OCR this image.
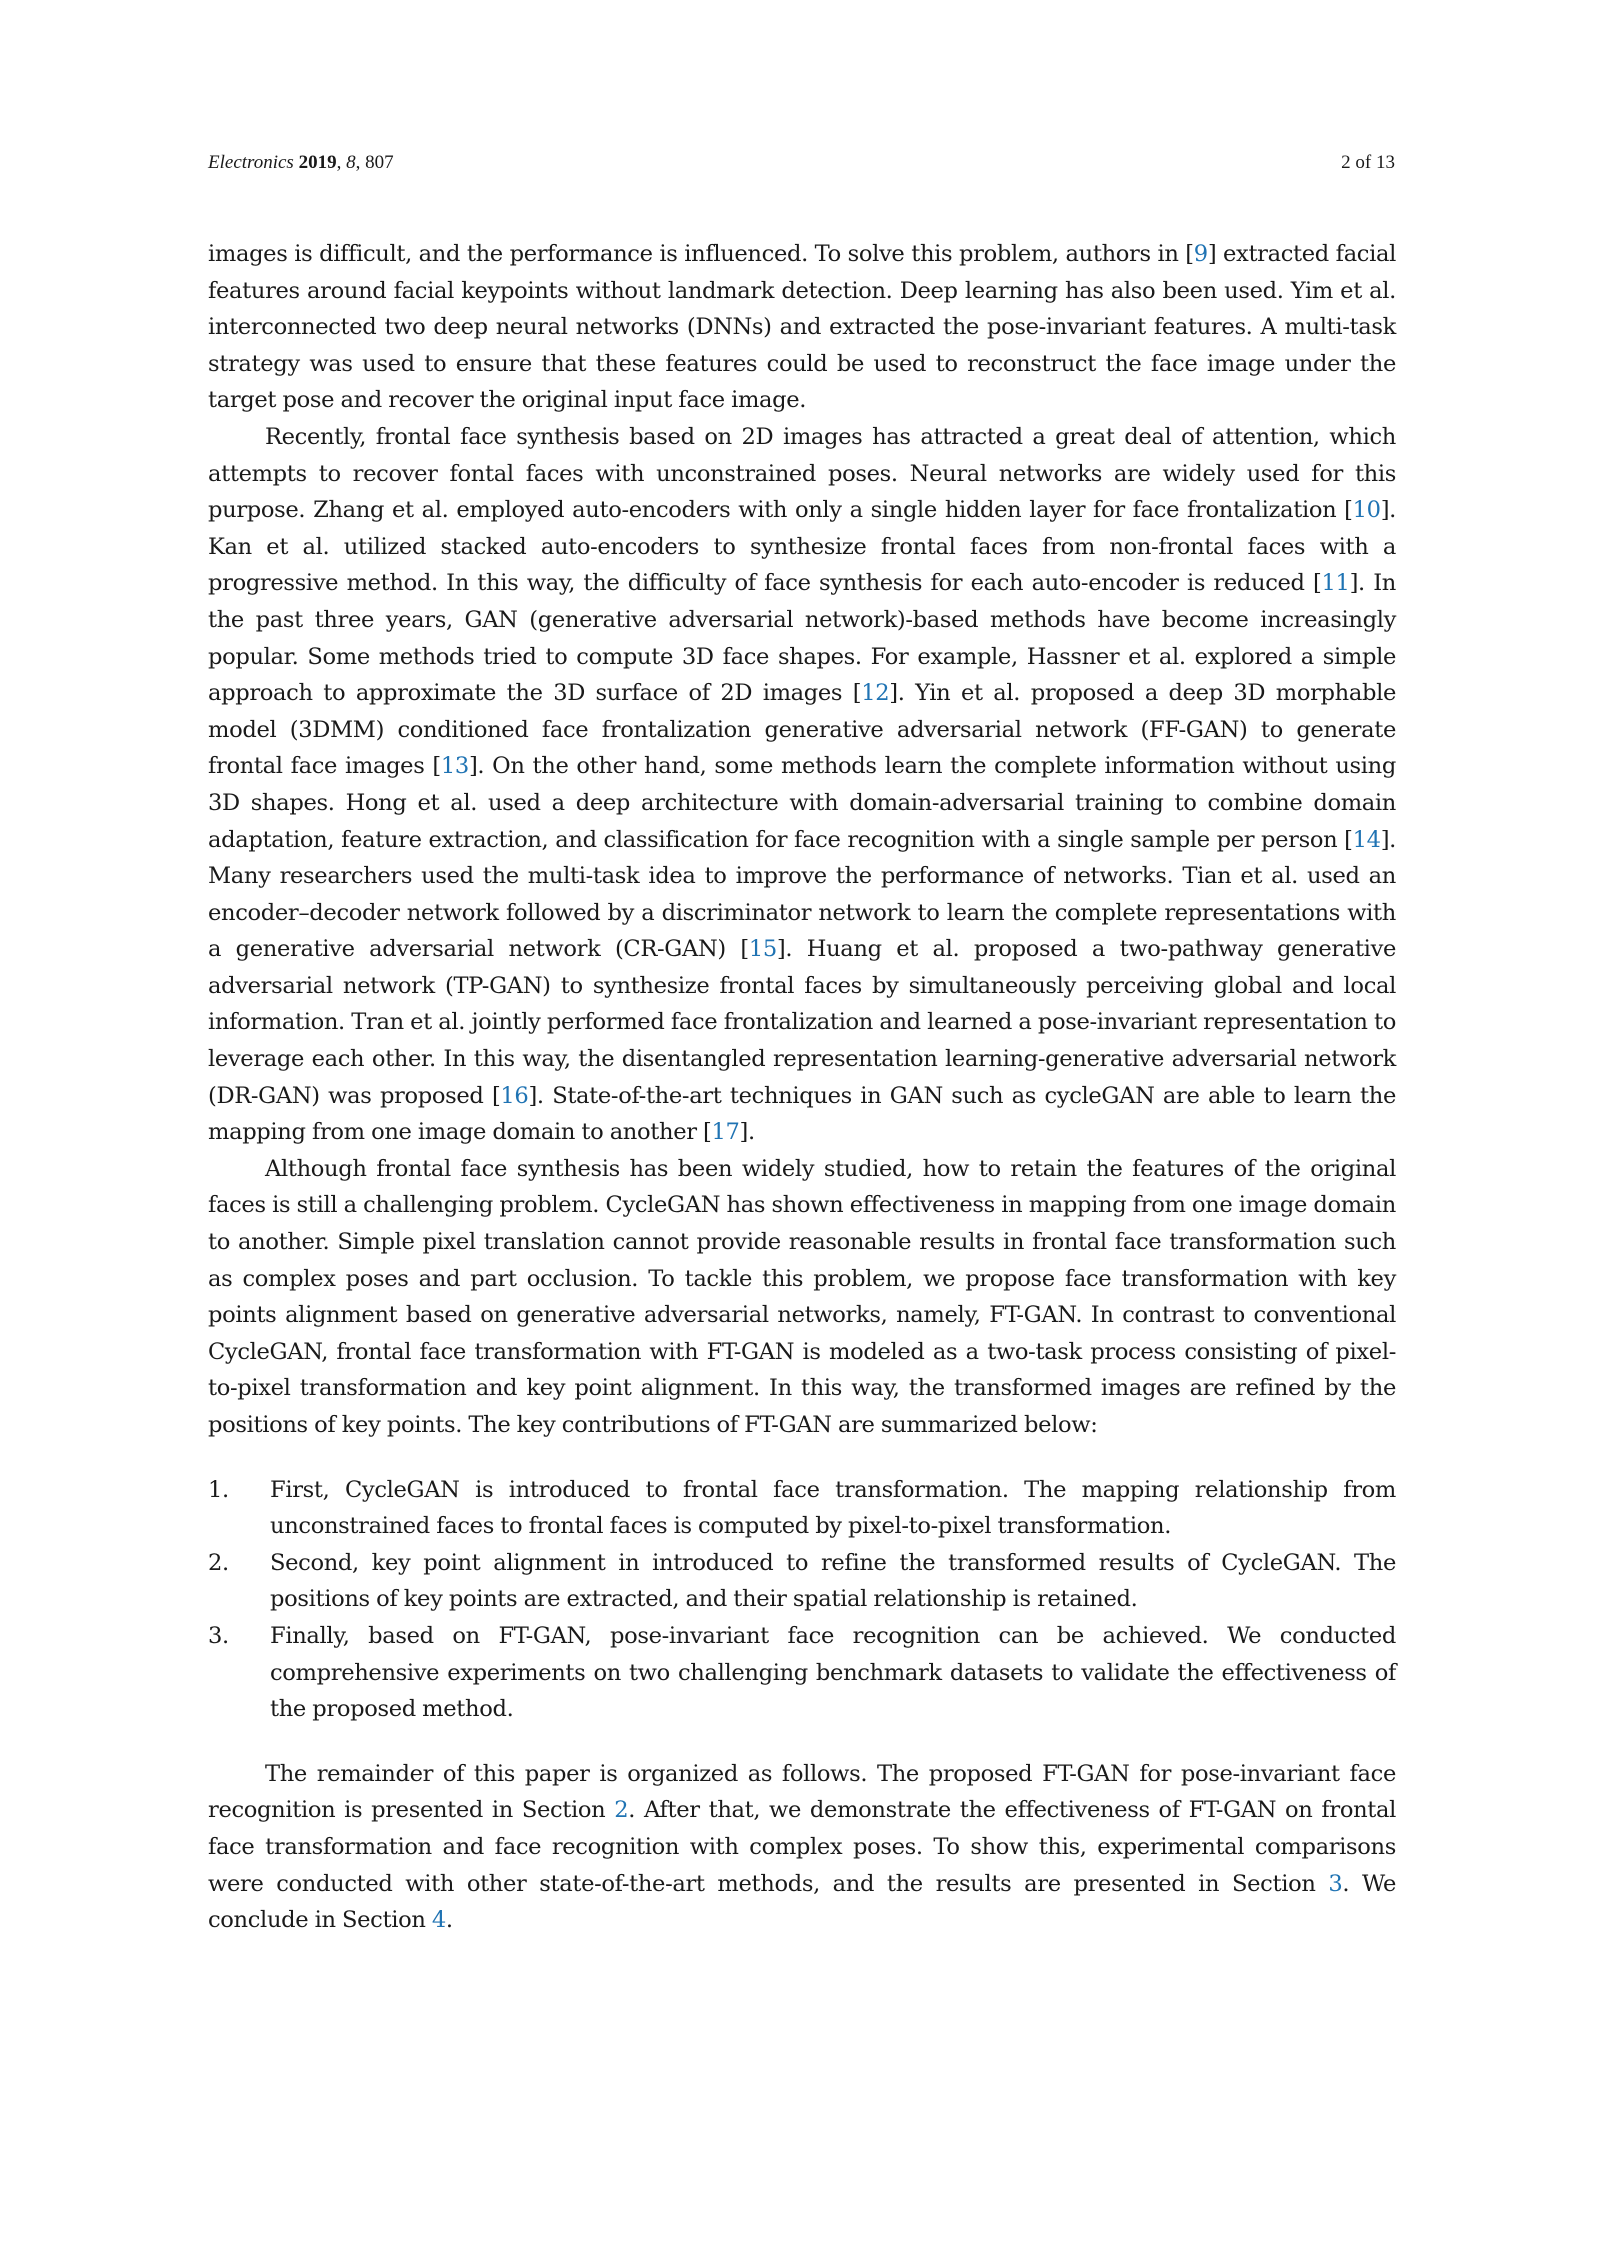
Electronics 2019, 8, 807	2 of 13

images is difficult, and the performance is influenced. To solve this problem, authors in [9] extracted facial features around facial keypoints without landmark detection. Deep learning has also been used. Yim et al. interconnected two deep neural networks (DNNs) and extracted the pose-invariant features. A multi-task strategy was used to ensure that these features could be used to reconstruct the face image under the target pose and recover the original input face image.

Recently, frontal face synthesis based on 2D images has attracted a great deal of attention, which attempts to recover fontal faces with unconstrained poses. Neural networks are widely used for this purpose. Zhang et al. employed auto-encoders with only a single hidden layer for face frontalization [10]. Kan et al. utilized stacked auto-encoders to synthesize frontal faces from non-frontal faces with a progressive method. In this way, the difficulty of face synthesis for each auto-encoder is reduced [11]. In the past three years, GAN (generative adversarial network)-based methods have become increasingly popular. Some methods tried to compute 3D face shapes. For example, Hassner et al. explored a simple approach to approximate the 3D surface of 2D images [12]. Yin et al. proposed a deep 3D morphable model (3DMM) conditioned face frontalization generative adversarial network (FF-GAN) to generate frontal face images [13]. On the other hand, some methods learn the complete information without using 3D shapes. Hong et al. used a deep architecture with domain-adversarial training to combine domain adaptation, feature extraction, and classification for face recognition with a single sample per person [14]. Many researchers used the multi-task idea to improve the performance of networks. Tian et al. used an encoder–decoder network followed by a discriminator network to learn the complete representations with a generative adversarial network (CR-GAN) [15]. Huang et al. proposed a two-pathway generative adversarial network (TP-GAN) to synthesize frontal faces by simultaneously perceiving global and local information. Tran et al. jointly performed face frontalization and learned a pose-invariant representation to leverage each other. In this way, the disentangled representation learning-generative adversarial network (DR-GAN) was proposed [16]. State-of-the-art techniques in GAN such as cycleGAN are able to learn the mapping from one image domain to another [17].

Although frontal face synthesis has been widely studied, how to retain the features of the original faces is still a challenging problem. CycleGAN has shown effectiveness in mapping from one image domain to another. Simple pixel translation cannot provide reasonable results in frontal face transformation such as complex poses and part occlusion. To tackle this problem, we propose face transformation with key points alignment based on generative adversarial networks, namely, FT-GAN. In contrast to conventional CycleGAN, frontal face transformation with FT-GAN is modeled as a two-task process consisting of pixel-to-pixel transformation and key point alignment. In this way, the transformed images are refined by the positions of key points. The key contributions of FT-GAN are summarized below:

1. First, CycleGAN is introduced to frontal face transformation. The mapping relationship from unconstrained faces to frontal faces is computed by pixel-to-pixel transformation.
2. Second, key point alignment in introduced to refine the transformed results of CycleGAN. The positions of key points are extracted, and their spatial relationship is retained.
3. Finally, based on FT-GAN, pose-invariant face recognition can be achieved. We conducted comprehensive experiments on two challenging benchmark datasets to validate the effectiveness of the proposed method.

The remainder of this paper is organized as follows. The proposed FT-GAN for pose-invariant face recognition is presented in Section 2. After that, we demonstrate the effectiveness of FT-GAN on frontal face transformation and face recognition with complex poses. To show this, experimental comparisons were conducted with other state-of-the-art methods, and the results are presented in Section 3. We conclude in Section 4.
